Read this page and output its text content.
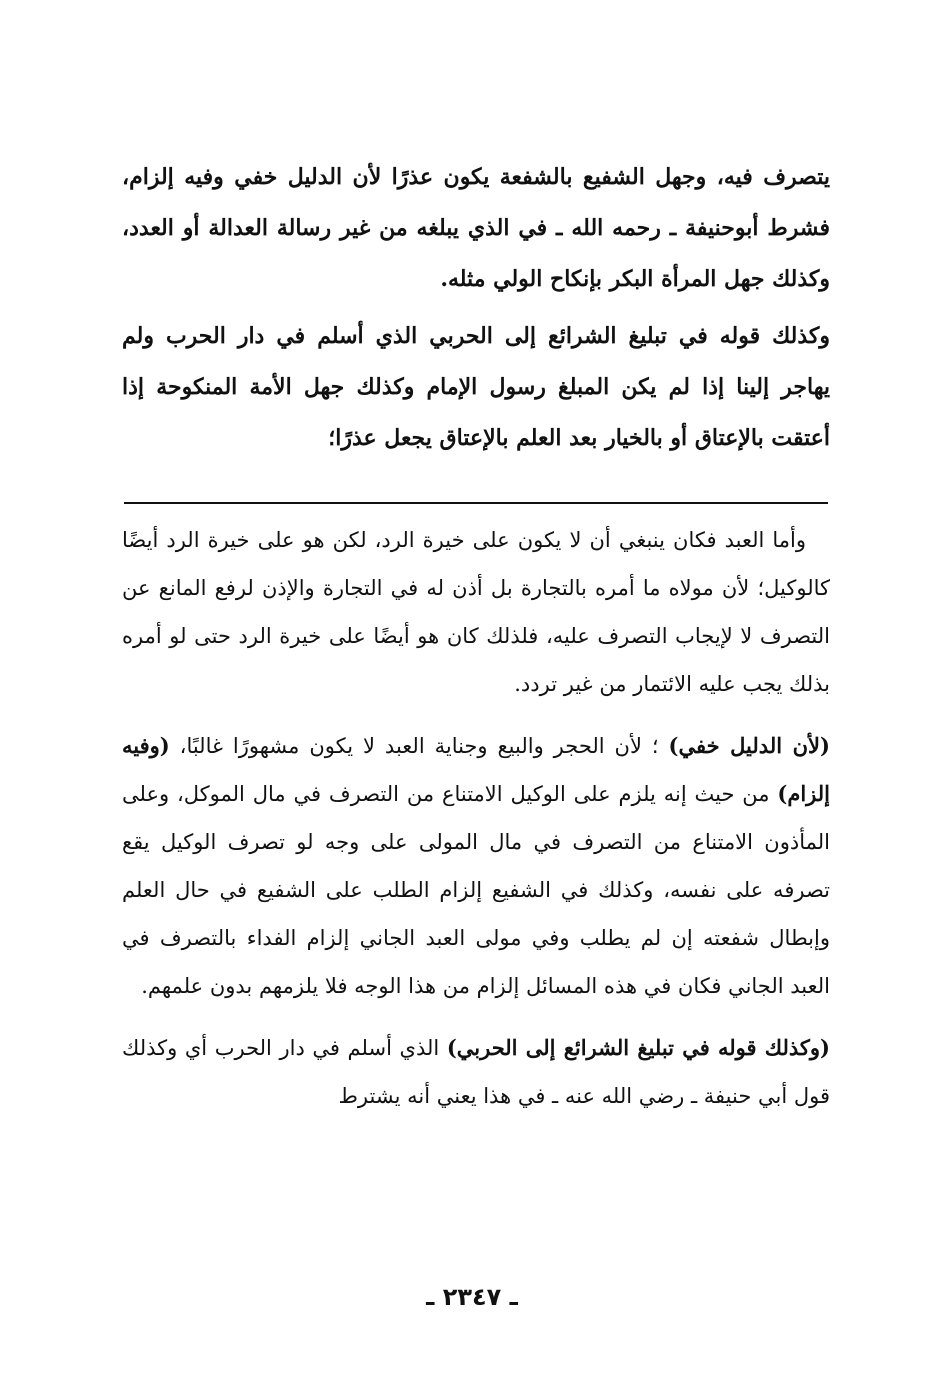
يتصرف فيه، وجهل الشفيع بالشفعة يكون عذرًا لأن الدليل خفي وفيه إلزام، فشرط أبوحنيفة ـ رحمه الله ـ في الذي يبلغه من غير رسالة العدالة أو العدد، وكذلك جهل المرأة البكر بإنكاح الولي مثله.

وكذلك قوله في تبليغ الشرائع إلى الحربي الذي أسلم في دار الحرب ولم يهاجر إلينا إذا لم يكن المبلغ رسول الإمام وكذلك جهل الأمة المنكوحة إذا أعتقت بالإعتاق أو بالخيار بعد العلم بالإعتاق يجعل عذرًا؛

وأما العبد فكان ينبغي أن لا يكون على خيرة الرد، لكن هو على خيرة الرد أيضًا كالوكيل؛ لأن مولاه ما أمره بالتجارة بل أذن له في التجارة والإذن لرفع المانع عن التصرف لا لإيجاب التصرف عليه، فلذلك كان هو أيضًا على خيرة الرد حتى لو أمره بذلك يجب عليه الائتمار من غير تردد.

(لأن الدليل خفي) ؛ لأن الحجر والبيع وجناية العبد لا يكون مشهورًا غالبًا، (وفيه إلزام) من حيث إنه يلزم على الوكيل الامتناع من التصرف في مال الموكل، وعلى المأذون الامتناع من التصرف في مال المولى على وجه لو تصرف الوكيل يقع تصرفه على نفسه، وكذلك في الشفيع إلزام الطلب على الشفيع في حال العلم وإبطال شفعته إن لم يطلب وفي مولى العبد الجاني إلزام الفداء بالتصرف في العبد الجاني فكان في هذه المسائل إلزام من هذا الوجه فلا يلزمهم بدون علمهم.

(وكذلك قوله في تبليغ الشرائع إلى الحربي) الذي أسلم في دار الحرب أي وكذلك قول أبي حنيفة ـ رضي الله عنه ـ في هذا يعني أنه يشترط

ـ ٢٣٤٧ ـ
